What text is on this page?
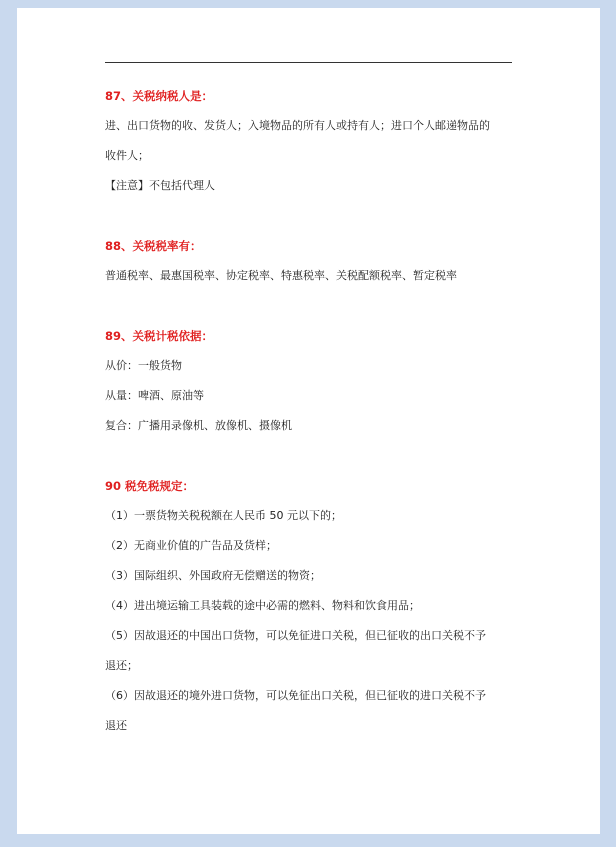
87、关税纳税人是：

进、出口货物的收、发货人；入境物品的所有人或持有人；进口个人邮递物品的

收件人；

【注意】不包括代理人

88、关税税率有：

普通税率、最惠国税率、协定税率、特惠税率、关税配额税率、暂定税率

89、关税计税依据：

从价：一般货物

从量：啤酒、原油等

复合：广播用录像机、放像机、摄像机

90 税免税规定：

（1）一票货物关税税额在人民币 50 元以下的；

（2）无商业价值的广告品及货样；

（3）国际组织、外国政府无偿赠送的物资；

（4）进出境运输工具装载的途中必需的燃料、物料和饮食用品；

（5）因故退还的中国出口货物，可以免征进口关税，但已征收的出口关税不予

退还；

（6）因故退还的境外进口货物，可以免征出口关税，但已征收的进口关税不予

退还
